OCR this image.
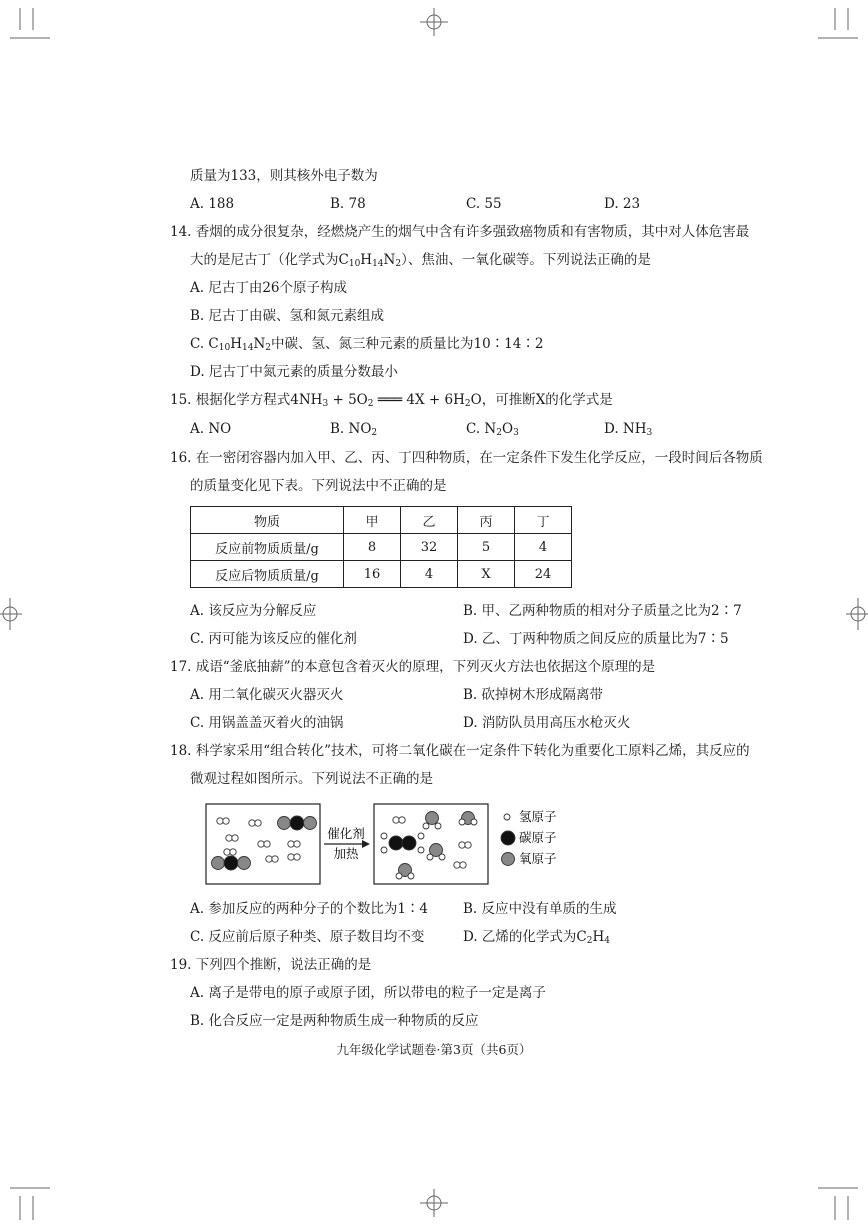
质量为133，则其核外电子数为
A. 188	B. 78	C. 55	D. 23
14. 香烟的成分很复杂，经燃烧产生的烟气中含有许多强致癌物质和有害物质，其中对人体危害最
大的是尼古丁（化学式为$C_{10}H_{14}N_2$）、焦油、一氧化碳等。下列说法正确的是
A. 尼古丁由26个原子构成
B. 尼古丁由碳、氢和氮元素组成
C. $C_{10}H_{14}N_2$中碳、氢、氮三种元素的质量比为10∶14∶2
D. 尼古丁中氮元素的质量分数最小
15. 根据化学方程式$4NH_3 + 5O_2$ ═══ $4X + 6H_2O$，可推断X的化学式是
A. NO	B. $NO_2$	C. $N_2O_3$	D. $NH_3$
16. 在一密闭容器内加入甲、乙、丙、丁四种物质，在一定条件下发生化学反应，一段时间后各物质
的质量变化见下表。下列说法中不正确的是
物质	甲	乙	丙	丁
反应前物质质量/g	8	32	5	4
反应后物质质量/g	16	4	X	24
A. 该反应为分解反应	B. 甲、乙两种物质的相对分子质量之比为2∶7
C. 丙可能为该反应的催化剂	D. 乙、丁两种物质之间反应的质量比为7∶5
17. 成语“釜底抽薪”的本意包含着灭火的原理，下列灭火方法也依据这个原理的是
A. 用二氧化碳灭火器灭火	B. 砍掉树木形成隔离带
C. 用锅盖盖灭着火的油锅	D. 消防队员用高压水枪灭火
18. 科学家采用“组合转化”技术，可将二氧化碳在一定条件下转化为重要化工原料乙烯，其反应的
微观过程如图所示。下列说法不正确的是
催化剂
加热
氢原子
碳原子
氧原子
A. 参加反应的两种分子的个数比为1∶4	B. 反应中没有单质的生成
C. 反应前后原子种类、原子数目均不变	D. 乙烯的化学式为$C_2H_4$
19. 下列四个推断，说法正确的是
A. 离子是带电的原子或原子团，所以带电的粒子一定是离子
B. 化合反应一定是两种物质生成一种物质的反应
九年级化学试题卷·第3页（共6页）
